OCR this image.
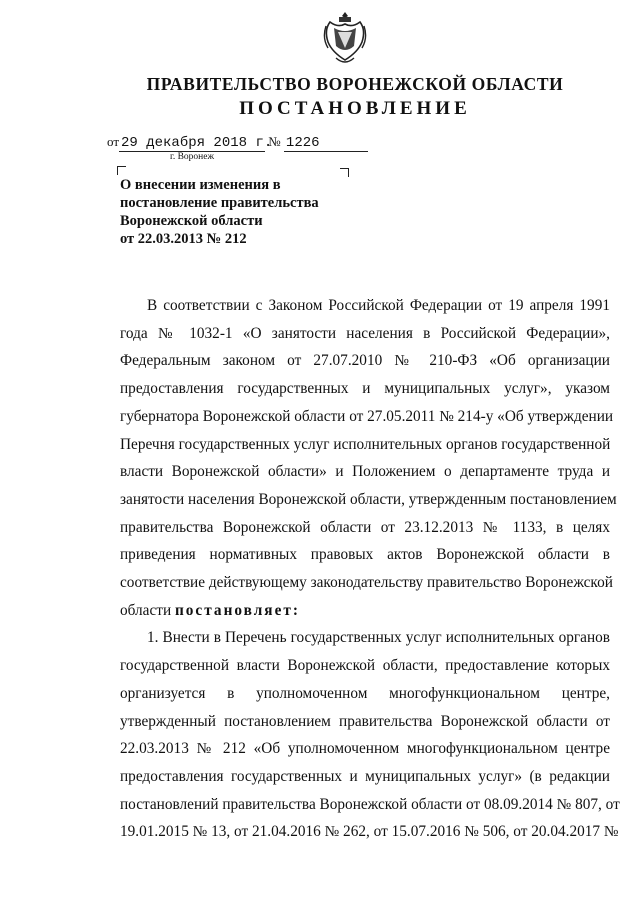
ПРАВИТЕЛЬСТВО ВОРОНЕЖСКОЙ ОБЛАСТИ
ПОСТАНОВЛЕНИЕ
от 29 декабря 2018 г. № 1226
г. Воронеж
О внесении изменения в
постановление правительства
Воронежской области
от 22.03.2013 № 212

В соответствии с Законом Российской Федерации от 19 апреля 1991
года № 1032-1 «О занятости населения в Российской Федерации»,
Федеральным законом от 27.07.2010 № 210-ФЗ «Об организации
предоставления государственных и муниципальных услуг», указом
губернатора Воронежской области от 27.05.2011 № 214-у «Об утверждении
Перечня государственных услуг исполнительных органов государственной
власти Воронежской области» и Положением о департаменте труда и
занятости населения Воронежской области, утвержденным постановлением
правительства Воронежской области от 23.12.2013 № 1133, в целях
приведения нормативных правовых актов Воронежской области в
соответствие действующему законодательству правительство Воронежской
области постановляет:

1. Внести в Перечень государственных услуг исполнительных органов
государственной власти Воронежской области, предоставление которых
организуется в уполномоченном многофункциональном центре,
утвержденный постановлением правительства Воронежской области от
22.03.2013 № 212 «Об уполномоченном многофункциональном центре
предоставления государственных и муниципальных услуг» (в редакции
постановлений правительства Воронежской области от 08.09.2014 № 807, от
19.01.2015 № 13, от 21.04.2016 № 262, от 15.07.2016 № 506, от 20.04.2017 №
